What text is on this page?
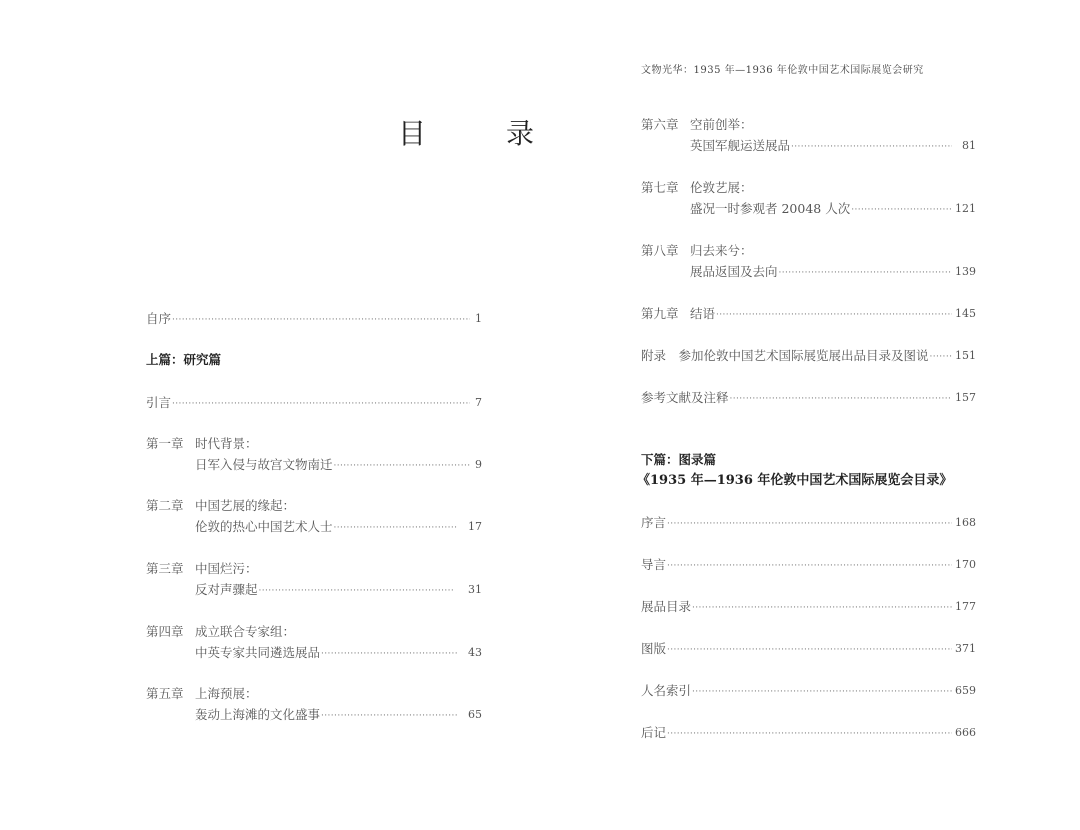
目　录
自序 ·····	1
上篇：研究篇
引言 ·····	7
第一章 时代背景：
日军入侵与故宫文物南迁 ·····	9
第二章 中国艺展的缘起：
伦敦的热心中国艺术人士 ·····	17
第三章 中国烂污：
反对声骤起 ·····	31
第四章 成立联合专家组：
中英专家共同遴选展品 ·····	43
第五章 上海预展：
轰动上海滩的文化盛事 ·····	65
文物光华：1935 年—1936 年伦敦中国艺术国际展览会研究
第六章 空前创举：
英国军舰运送展品 ·····	81
第七章 伦敦艺展：
盛况一时参观者 20048 人次 ·····	121
第八章 归去来兮：
展品返国及去向 ·····	139
第九章 结语 ·····	145
附录　参加伦敦中国艺术国际展览展出品目录及图说 ····· 151
参考文献及注释 ·····	157
下篇：图录篇
《1935 年—1936 年伦敦中国艺术国际展览会目录》
序言 ·····	168
导言 ·····	170
展品目录 ·····	177
图版 ·····	371
人名索引 ·····	659
后记 ·····	666
